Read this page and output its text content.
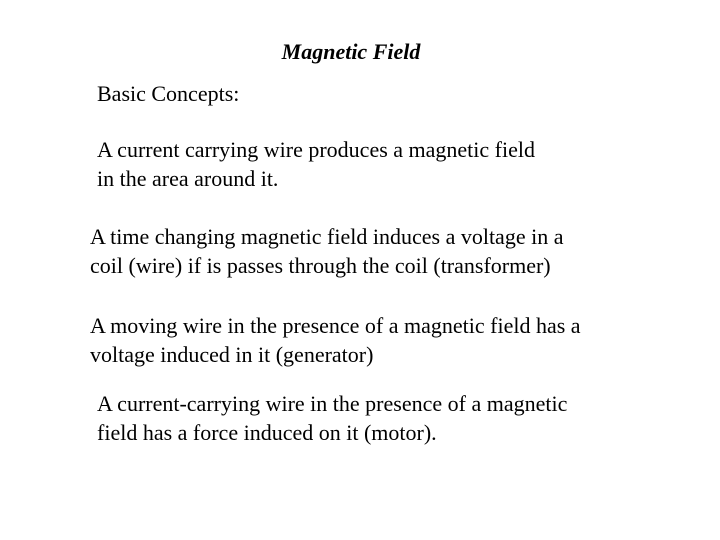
Magnetic Field
Basic Concepts:

A current carrying wire produces a magnetic field
in the area around it.

A time changing magnetic field induces a voltage in a
coil (wire) if is passes through the coil (transformer)

A moving wire in the presence of a magnetic field has a
voltage induced in it (generator)

A current-carrying wire in the presence of a magnetic
field has a force induced on it (motor).
